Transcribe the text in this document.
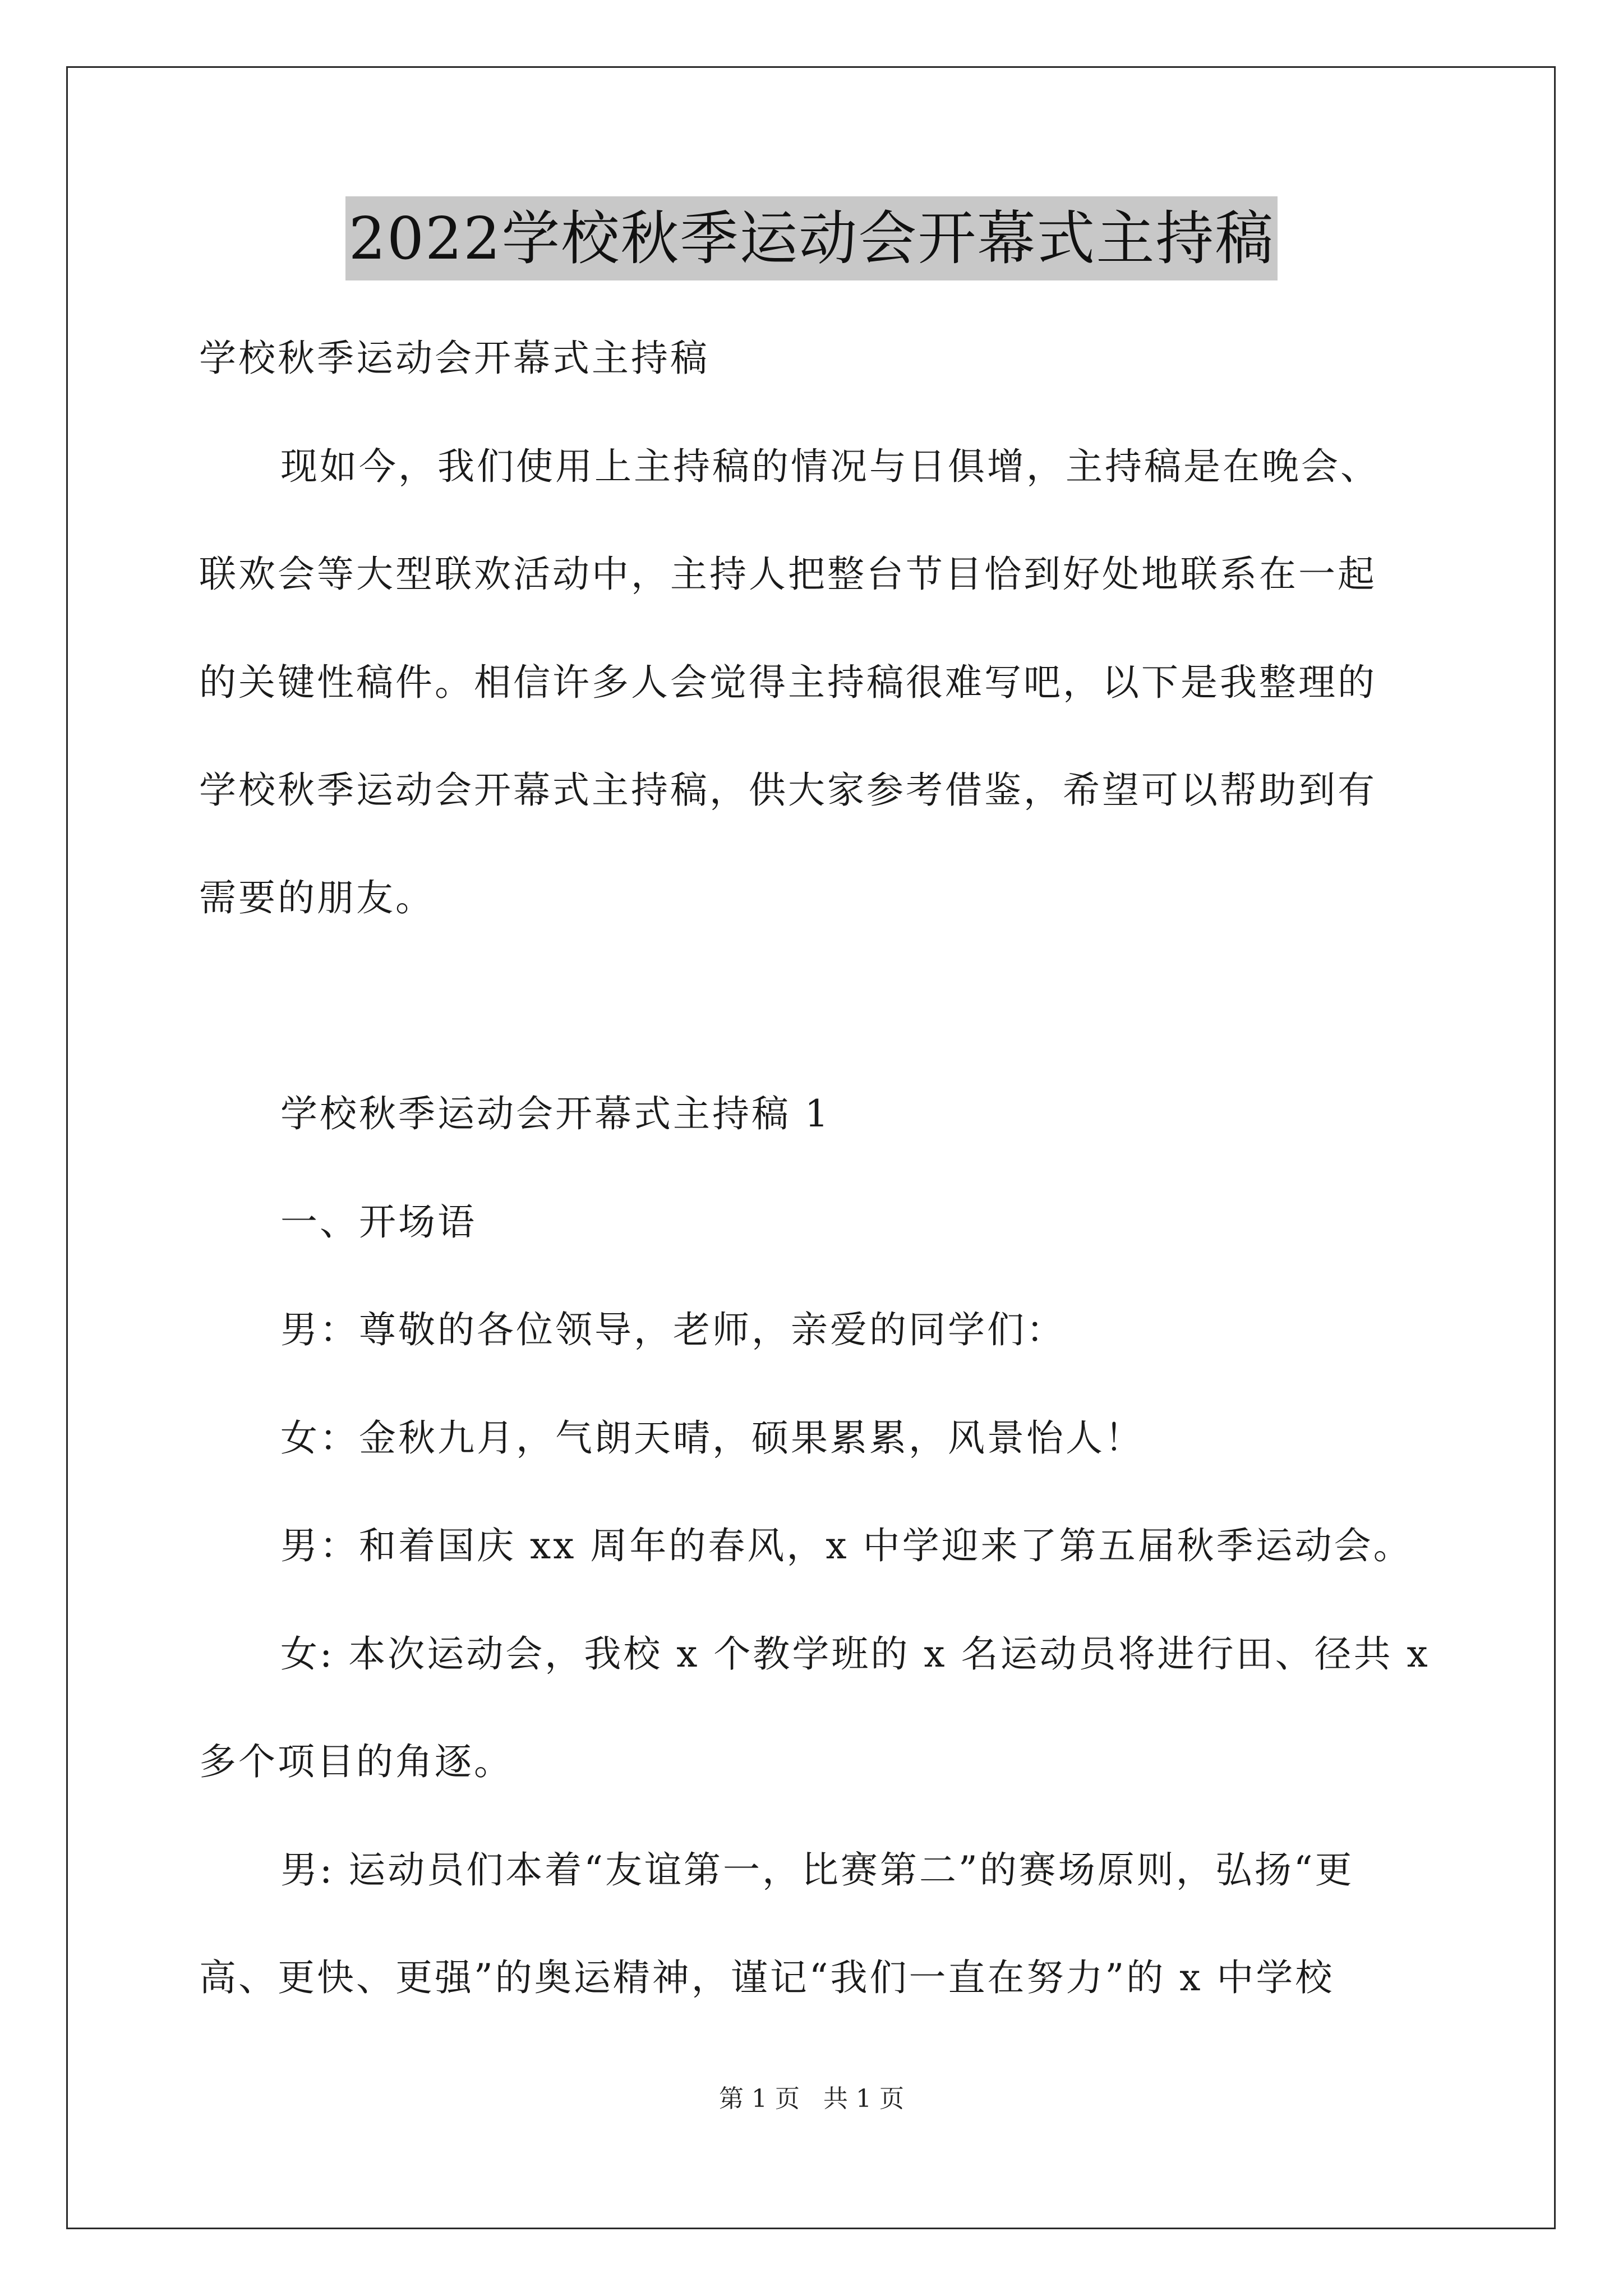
2022学校秋季运动会开幕式主持稿
学校秋季运动会开幕式主持稿
现如今，我们使用上主持稿的情况与日俱增，主持稿是在晚会、
联欢会等大型联欢活动中，主持人把整台节目恰到好处地联系在一起
的关键性稿件。相信许多人会觉得主持稿很难写吧，以下是我整理的
学校秋季运动会开幕式主持稿，供大家参考借鉴，希望可以帮助到有
需要的朋友。
学校秋季运动会开幕式主持稿 1
一、开场语
男：尊敬的各位领导，老师，亲爱的同学们：
女：金秋九月，气朗天晴，硕果累累，风景怡人！
男：和着国庆 xx 周年的春风，x 中学迎来了第五届秋季运动会。
女: 本次运动会，我校 x 个教学班的 x 名运动员将进行田、径共 x
多个项目的角逐。
男: 运动员们本着“友谊第一，比赛第二”的赛场原则，弘扬“更
高、更快、更强”的奥运精神，谨记“我们一直在努力”的 x 中学校
第 1 页   共 1 页
